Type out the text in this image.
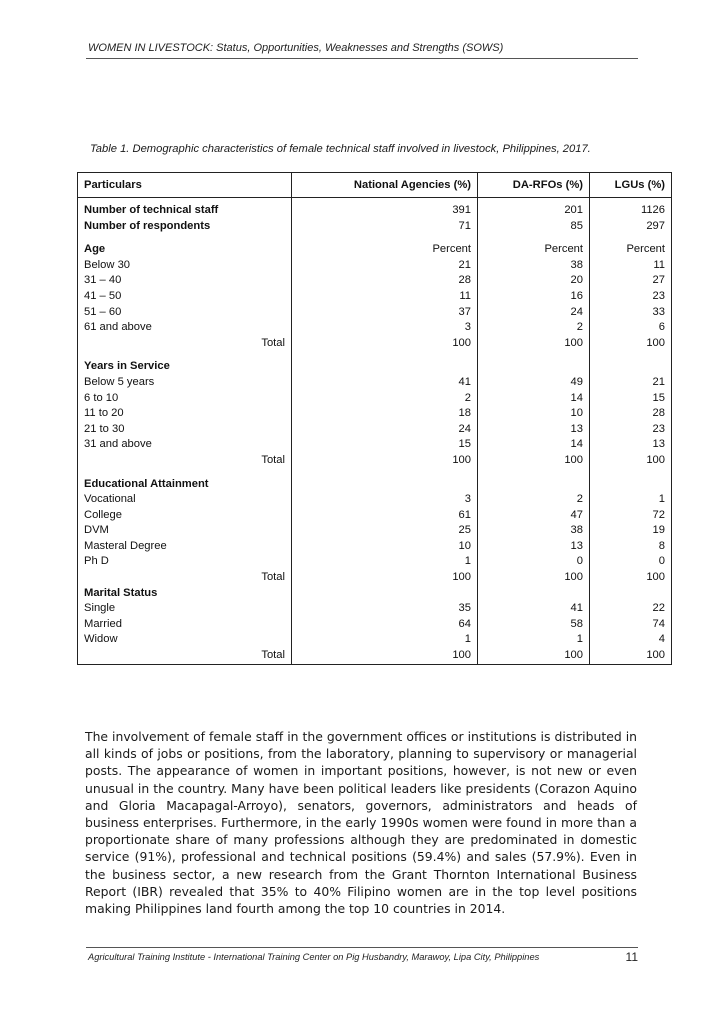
WOMEN IN LIVESTOCK: Status, Opportunities, Weaknesses and Strengths (SOWS)
Table 1. Demographic characteristics of female technical staff involved in livestock, Philippines, 2017.
Particulars	National Agencies (%)	DA-RFOs (%)	LGUs (%)
Number of technical staff	391	201	1126
Number of respondents	71	85	297

Age	Percent	Percent	Percent
Below 30	21	38	11
31 – 40	28	20	27
41 – 50	11	16	23
51 – 60	37	24	33
61 and above	3	2	6
Total	100	100	100

Years in Service			
Below 5 years	41	49	21
6 to 10	2	14	15
11 to 20	18	10	28
21 to 30	24	13	23
31 and above	15	14	13
Total	100	100	100

Educational Attainment			
Vocational	3	2	1
College	61	47	72
DVM	25	38	19
Masteral Degree	10	13	8
Ph D	1	0	0
Total	100	100	100
Marital Status			
Single	35	41	22
Married	64	58	74
Widow	1	1	4
Total	100	100	100

The involvement of female staff in the government offices or institutions is distributed in all kinds of jobs or positions, from the laboratory, planning to supervisory or managerial posts. The appearance of women in important positions, however, is not new or even unusual in the country. Many have been political leaders like presidents (Corazon Aquino and Gloria Macapagal-Arroyo), senators, governors, administrators and heads of business enterprises. Furthermore, in the early 1990s women were found in more than a proportionate share of many professions although they are predominated in domestic service (91%), professional and technical positions (59.4%) and sales (57.9%). Even in the business sector, a new research from the Grant Thornton International Business Report (IBR) revealed that 35% to 40% Filipino women are in the top level positions making Philippines land fourth among the top 10 countries in 2014.

Agricultural Training Institute - International Training Center on Pig Husbandry, Marawoy, Lipa City, Philippines	11
